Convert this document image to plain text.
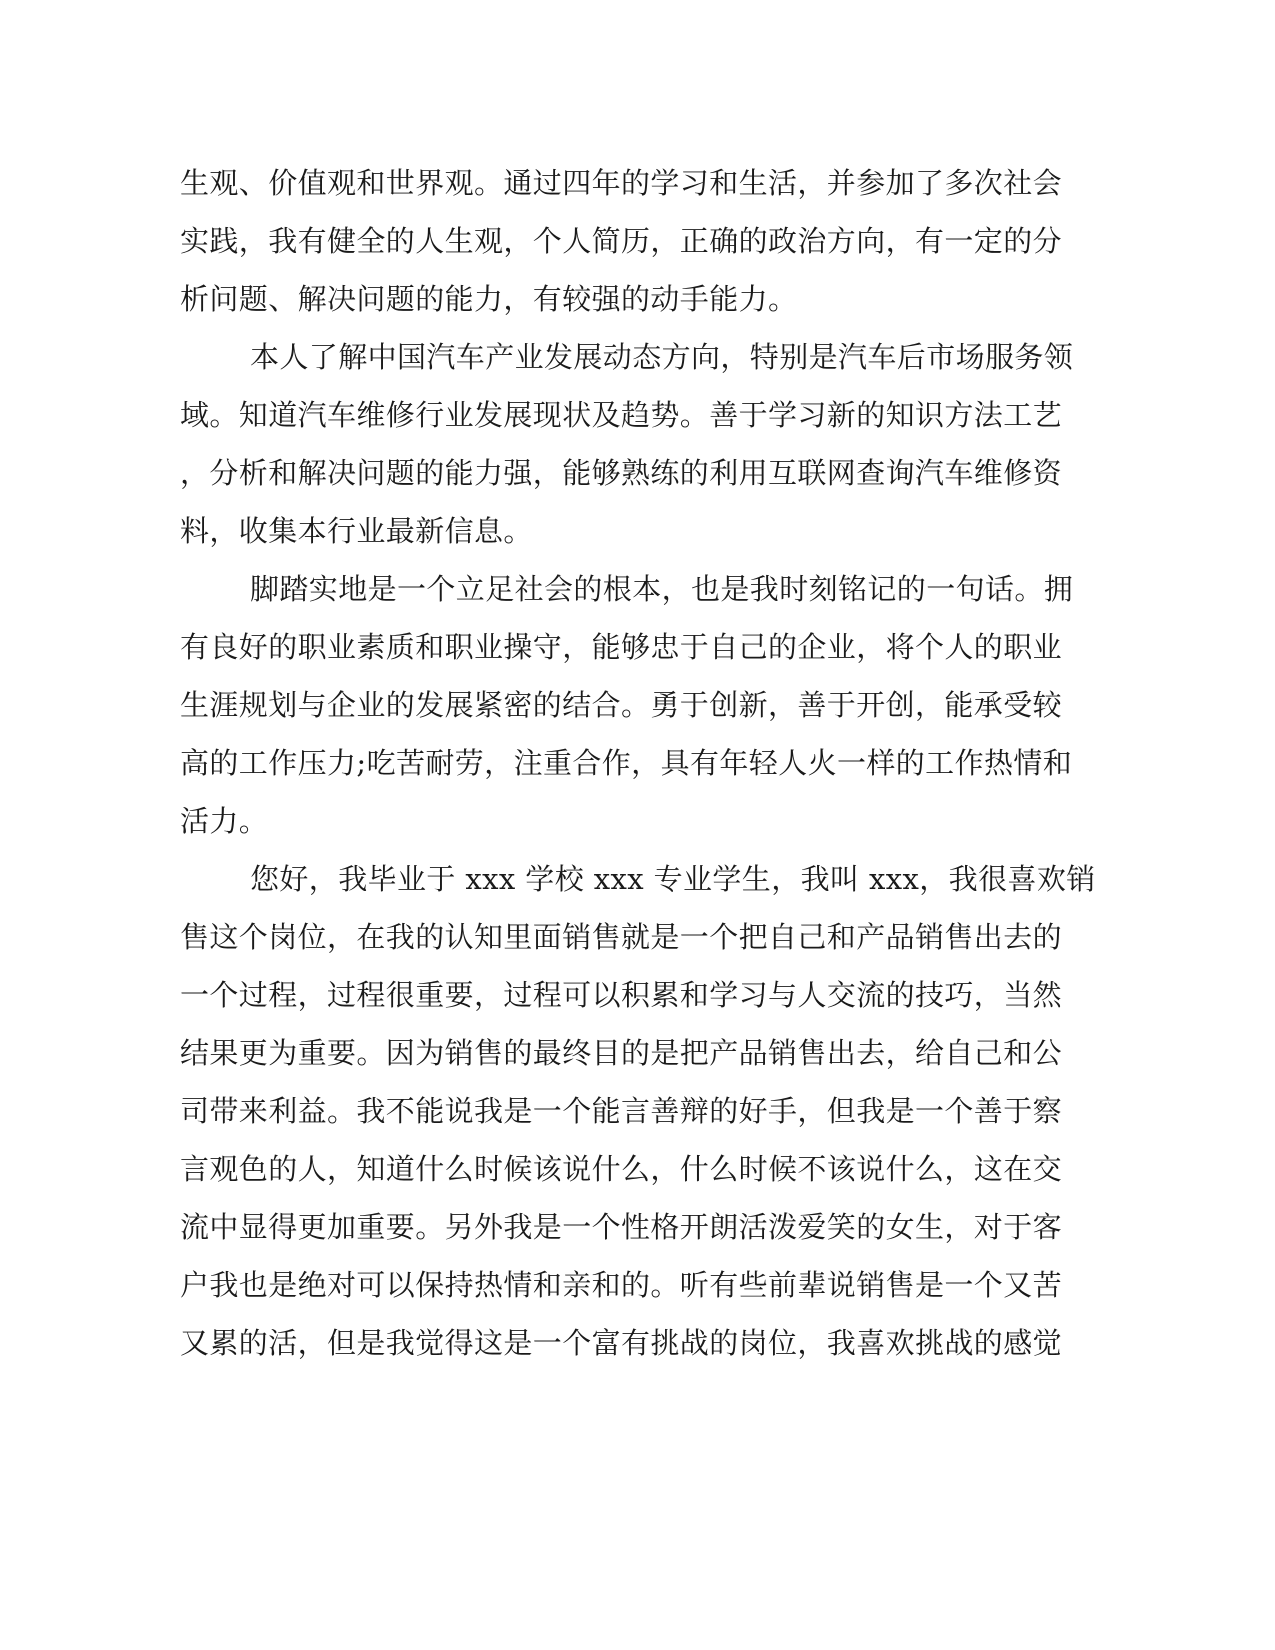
生观、价值观和世界观。通过四年的学习和生活，并参加了多次社会

实践，我有健全的人生观，个人简历，正确的政治方向，有一定的分

析问题、解决问题的能力，有较强的动手能力。

本人了解中国汽车产业发展动态方向，特别是汽车后市场服务领

域。知道汽车维修行业发展现状及趋势。善于学习新的知识方法工艺

，分析和解决问题的能力强，能够熟练的利用互联网查询汽车维修资

料，收集本行业最新信息。

脚踏实地是一个立足社会的根本，也是我时刻铭记的一句话。拥

有良好的职业素质和职业操守，能够忠于自己的企业，将个人的职业

生涯规划与企业的发展紧密的结合。勇于创新，善于开创，能承受较

高的工作压力;吃苦耐劳，注重合作，具有年轻人火一样的工作热情和

活力。

您好，我毕业于 xxx 学校 xxx 专业学生，我叫 xxx，我很喜欢销

售这个岗位，在我的认知里面销售就是一个把自己和产品销售出去的

一个过程，过程很重要，过程可以积累和学习与人交流的技巧，当然

结果更为重要。因为销售的最终目的是把产品销售出去，给自己和公

司带来利益。我不能说我是一个能言善辩的好手，但我是一个善于察

言观色的人，知道什么时候该说什么，什么时候不该说什么，这在交

流中显得更加重要。另外我是一个性格开朗活泼爱笑的女生，对于客

户我也是绝对可以保持热情和亲和的。听有些前辈说销售是一个又苦

又累的活，但是我觉得这是一个富有挑战的岗位，我喜欢挑战的感觉
